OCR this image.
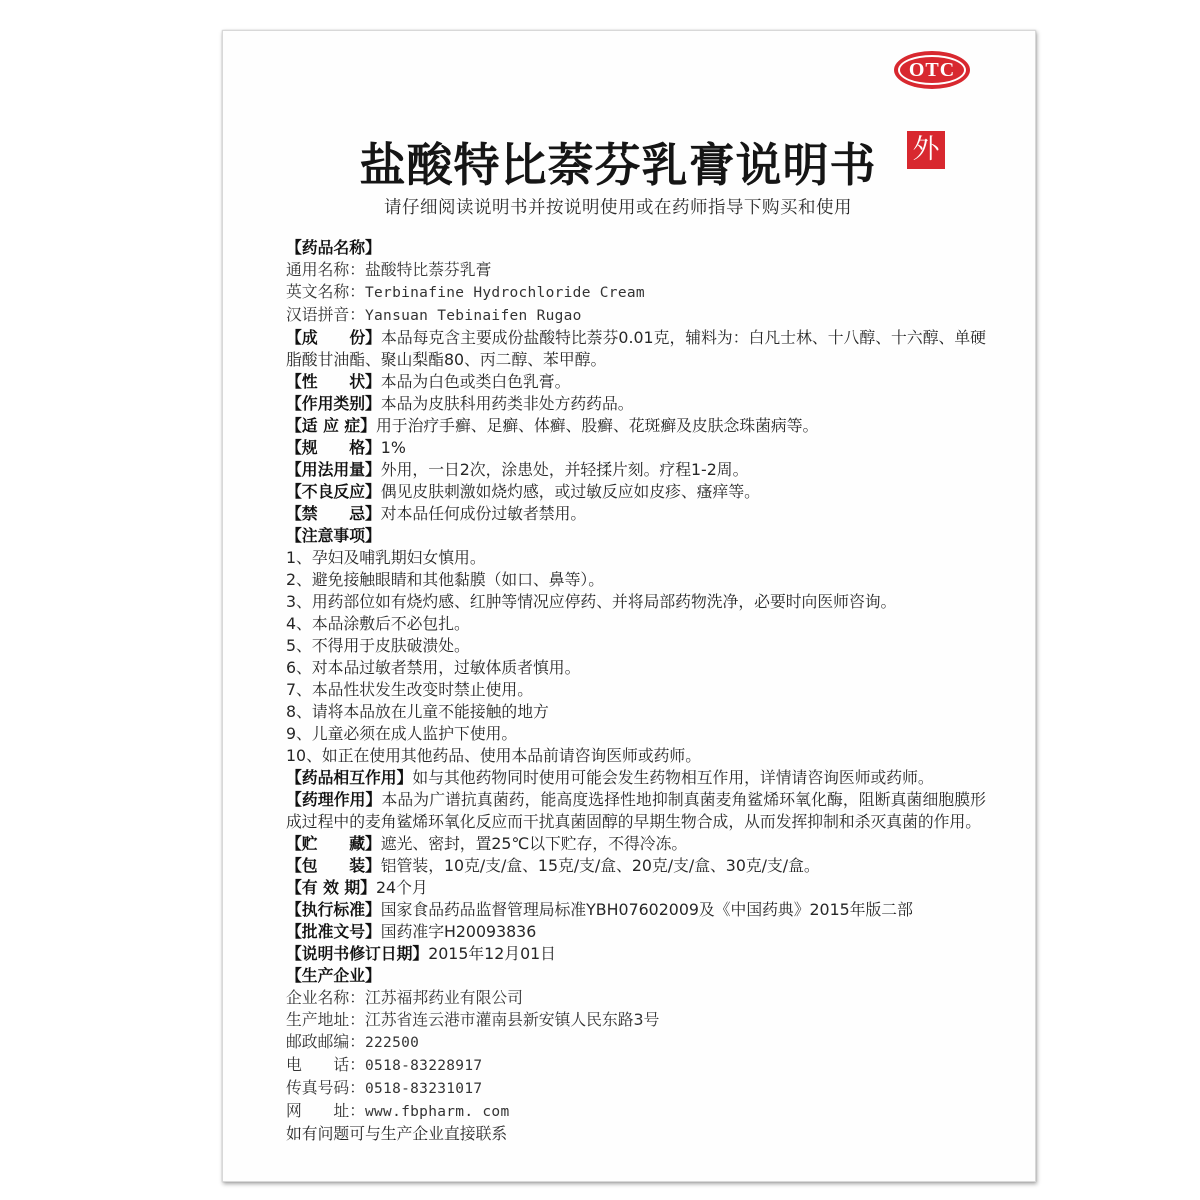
OTC
盐酸特比萘芬乳膏说明书	外
请仔细阅读说明书并按说明使用或在药师指导下购买和使用
【药品名称】
通用名称：盐酸特比萘芬乳膏
英文名称：Terbinafine Hydrochloride Cream
汉语拼音：Yansuan Tebinaifen Rugao
【成　　份】本品每克含主要成份盐酸特比萘芬0.01克，辅料为：白凡士林、十八醇、十六醇、单硬脂酸甘油酯、聚山梨酯80、丙二醇、苯甲醇。
【性　　状】本品为白色或类白色乳膏。
【作用类别】本品为皮肤科用药类非处方药药品。
【适 应 症】用于治疗手癣、足癣、体癣、股癣、花斑癣及皮肤念珠菌病等。
【规　　格】1%
【用法用量】外用，一日2次，涂患处，并轻揉片刻。疗程1-2周。
【不良反应】偶见皮肤刺激如烧灼感，或过敏反应如皮疹、瘙痒等。
【禁　　忌】对本品任何成份过敏者禁用。
【注意事项】
1、孕妇及哺乳期妇女慎用。
2、避免接触眼睛和其他黏膜（如口、鼻等）。
3、用药部位如有烧灼感、红肿等情况应停药、并将局部药物洗净，必要时向医师咨询。
4、本品涂敷后不必包扎。
5、不得用于皮肤破溃处。
6、对本品过敏者禁用，过敏体质者慎用。
7、本品性状发生改变时禁止使用。
8、请将本品放在儿童不能接触的地方
9、儿童必须在成人监护下使用。
10、如正在使用其他药品、使用本品前请咨询医师或药师。
【药品相互作用】如与其他药物同时使用可能会发生药物相互作用，详情请咨询医师或药师。
【药理作用】本品为广谱抗真菌药，能高度选择性地抑制真菌麦角鲨烯环氧化酶，阻断真菌细胞膜形成过程中的麦角鲨烯环氧化反应而干扰真菌固醇的早期生物合成，从而发挥抑制和杀灭真菌的作用。
【贮　　藏】遮光、密封，置25℃以下贮存，不得冷冻。
【包　　装】铝管装，10克/支/盒、15克/支/盒、20克/支/盒、30克/支/盒。
【有 效 期】24个月
【执行标准】国家食品药品监督管理局标准YBH07602009及《中国药典》2015年版二部
【批准文号】国药准字H20093836
【说明书修订日期】2015年12月01日
【生产企业】
企业名称：江苏福邦药业有限公司
生产地址：江苏省连云港市灌南县新安镇人民东路3号
邮政邮编：222500
电　　话：0518-83228917
传真号码：0518-83231017
网　　址：www.fbpharm. com
如有问题可与生产企业直接联系
